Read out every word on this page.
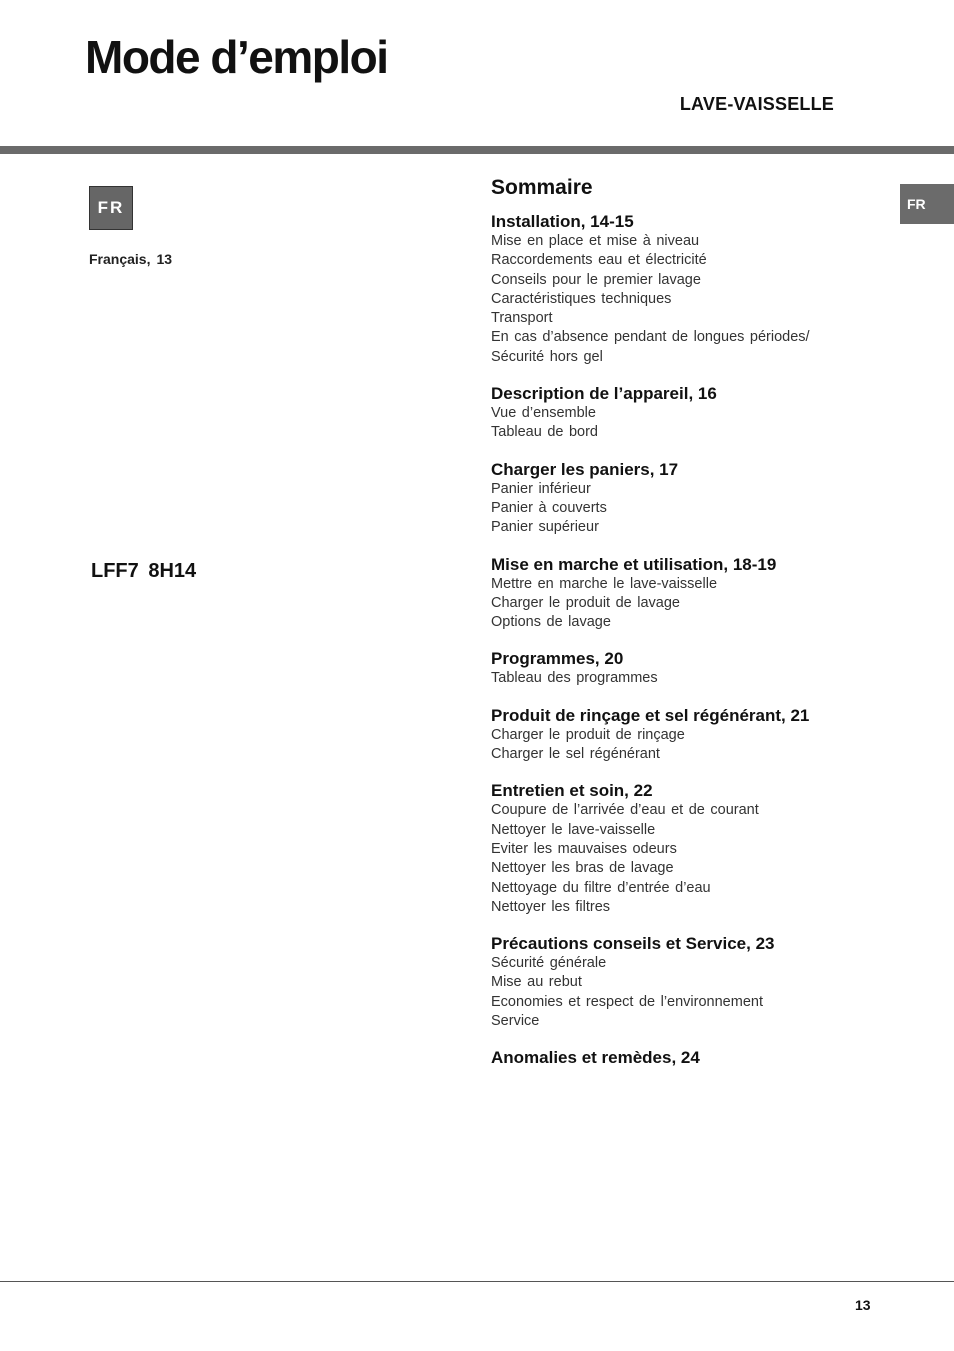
Mode d’emploi
LAVE-VAISSELLE
FR
Français, 13
LFF7 8H14
FR
Sommaire
Installation, 14-15
Mise en place et mise à niveau
Raccordements eau et électricité
Conseils pour le premier lavage
Caractéristiques techniques
Transport
En cas d’absence pendant de longues périodes/
Sécurité hors gel
Description de l’appareil, 16
Vue d’ensemble
Tableau de bord
Charger les paniers, 17
Panier inférieur
Panier à couverts
Panier supérieur
Mise en marche et utilisation, 18-19
Mettre en marche le lave-vaisselle
Charger le produit de lavage
Options de lavage
Programmes, 20
Tableau des programmes
Produit de rinçage et sel régénérant, 21
Charger le produit de rinçage
Charger le sel régénérant
Entretien et soin, 22
Coupure de l’arrivée d’eau et de courant
Nettoyer le lave-vaisselle
Eviter les mauvaises odeurs
Nettoyer les bras de lavage
Nettoyage du filtre d’entrée d’eau
Nettoyer les filtres
Précautions conseils et Service, 23
Sécurité générale
Mise au rebut
Economies et respect de l’environnement
Service
Anomalies et remèdes, 24
13
